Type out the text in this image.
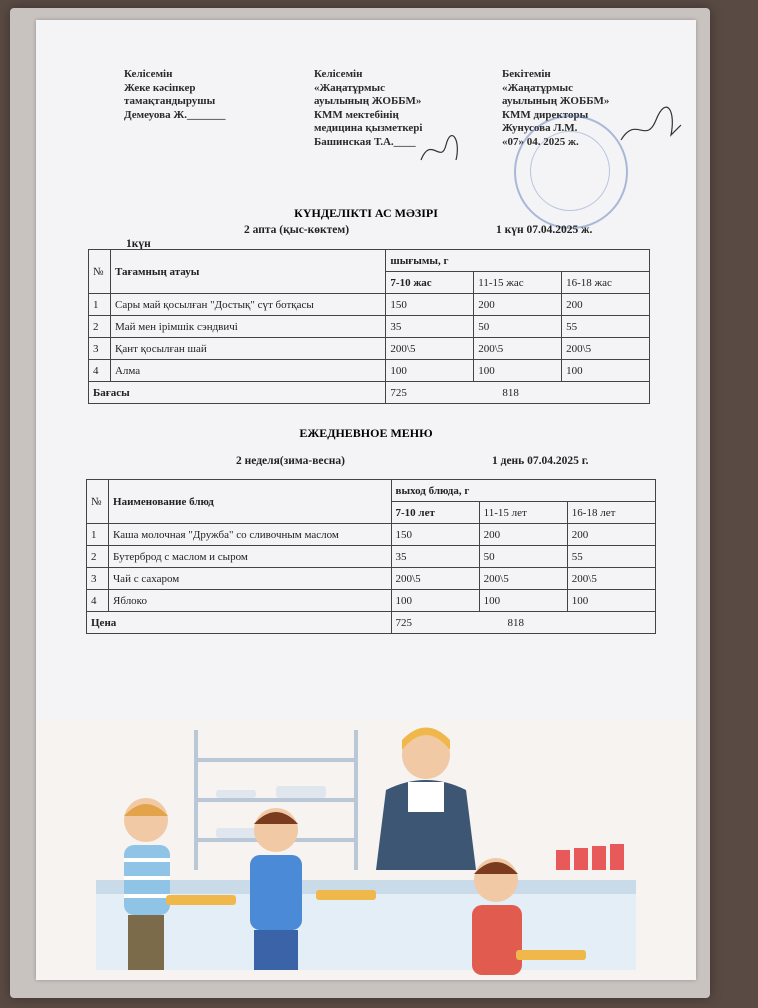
Келісемін
Жеке кәсіпкер
тамақтандырушы
Демеуова Ж._______
Келісемін
«Жаңатұрмыс
ауылының ЖОББМ»
КММ мектебінің
медицина қызметкері
Башинская Т.А.____
Бекітемін
«Жаңатұрмыс
ауылының ЖОББМ»
КММ директоры
Жунусова Л.М.
«07» 04. 2025 ж.
КҮНДЕЛІКТІ АС МӘЗІРІ
2 апта (қыс-көктем)	1 күн 07.04.2025 ж.
1күн
№	Тағамның атауы	шығымы, г		
		7-10 жас	11-15 жас	16-18 жас
1	Сары май қосылған "Достық" сүт ботқасы	150	200	200
2	Май мен ірімшік сэндвичі	35	50	55
3	Қант қосылған шай	200\5	200\5	200\5
4	Алма	100	100	100
Бағасы		725 818		
ЕЖЕДНЕВНОЕ МЕНЮ
2 неделя(зима-весна)	1 день 07.04.2025 г.
№	Наименование блюд	выход блюда, г		
		7-10 лет	11-15 лет	16-18 лет
1	Каша молочная "Дружба" со сливочным маслом	150	200	200
2	Бутерброд с маслом и сыром	35	50	55
3	Чай с сахаром	200\5	200\5	200\5
4	Яблоко	100	100	100
Цена		725 818		
